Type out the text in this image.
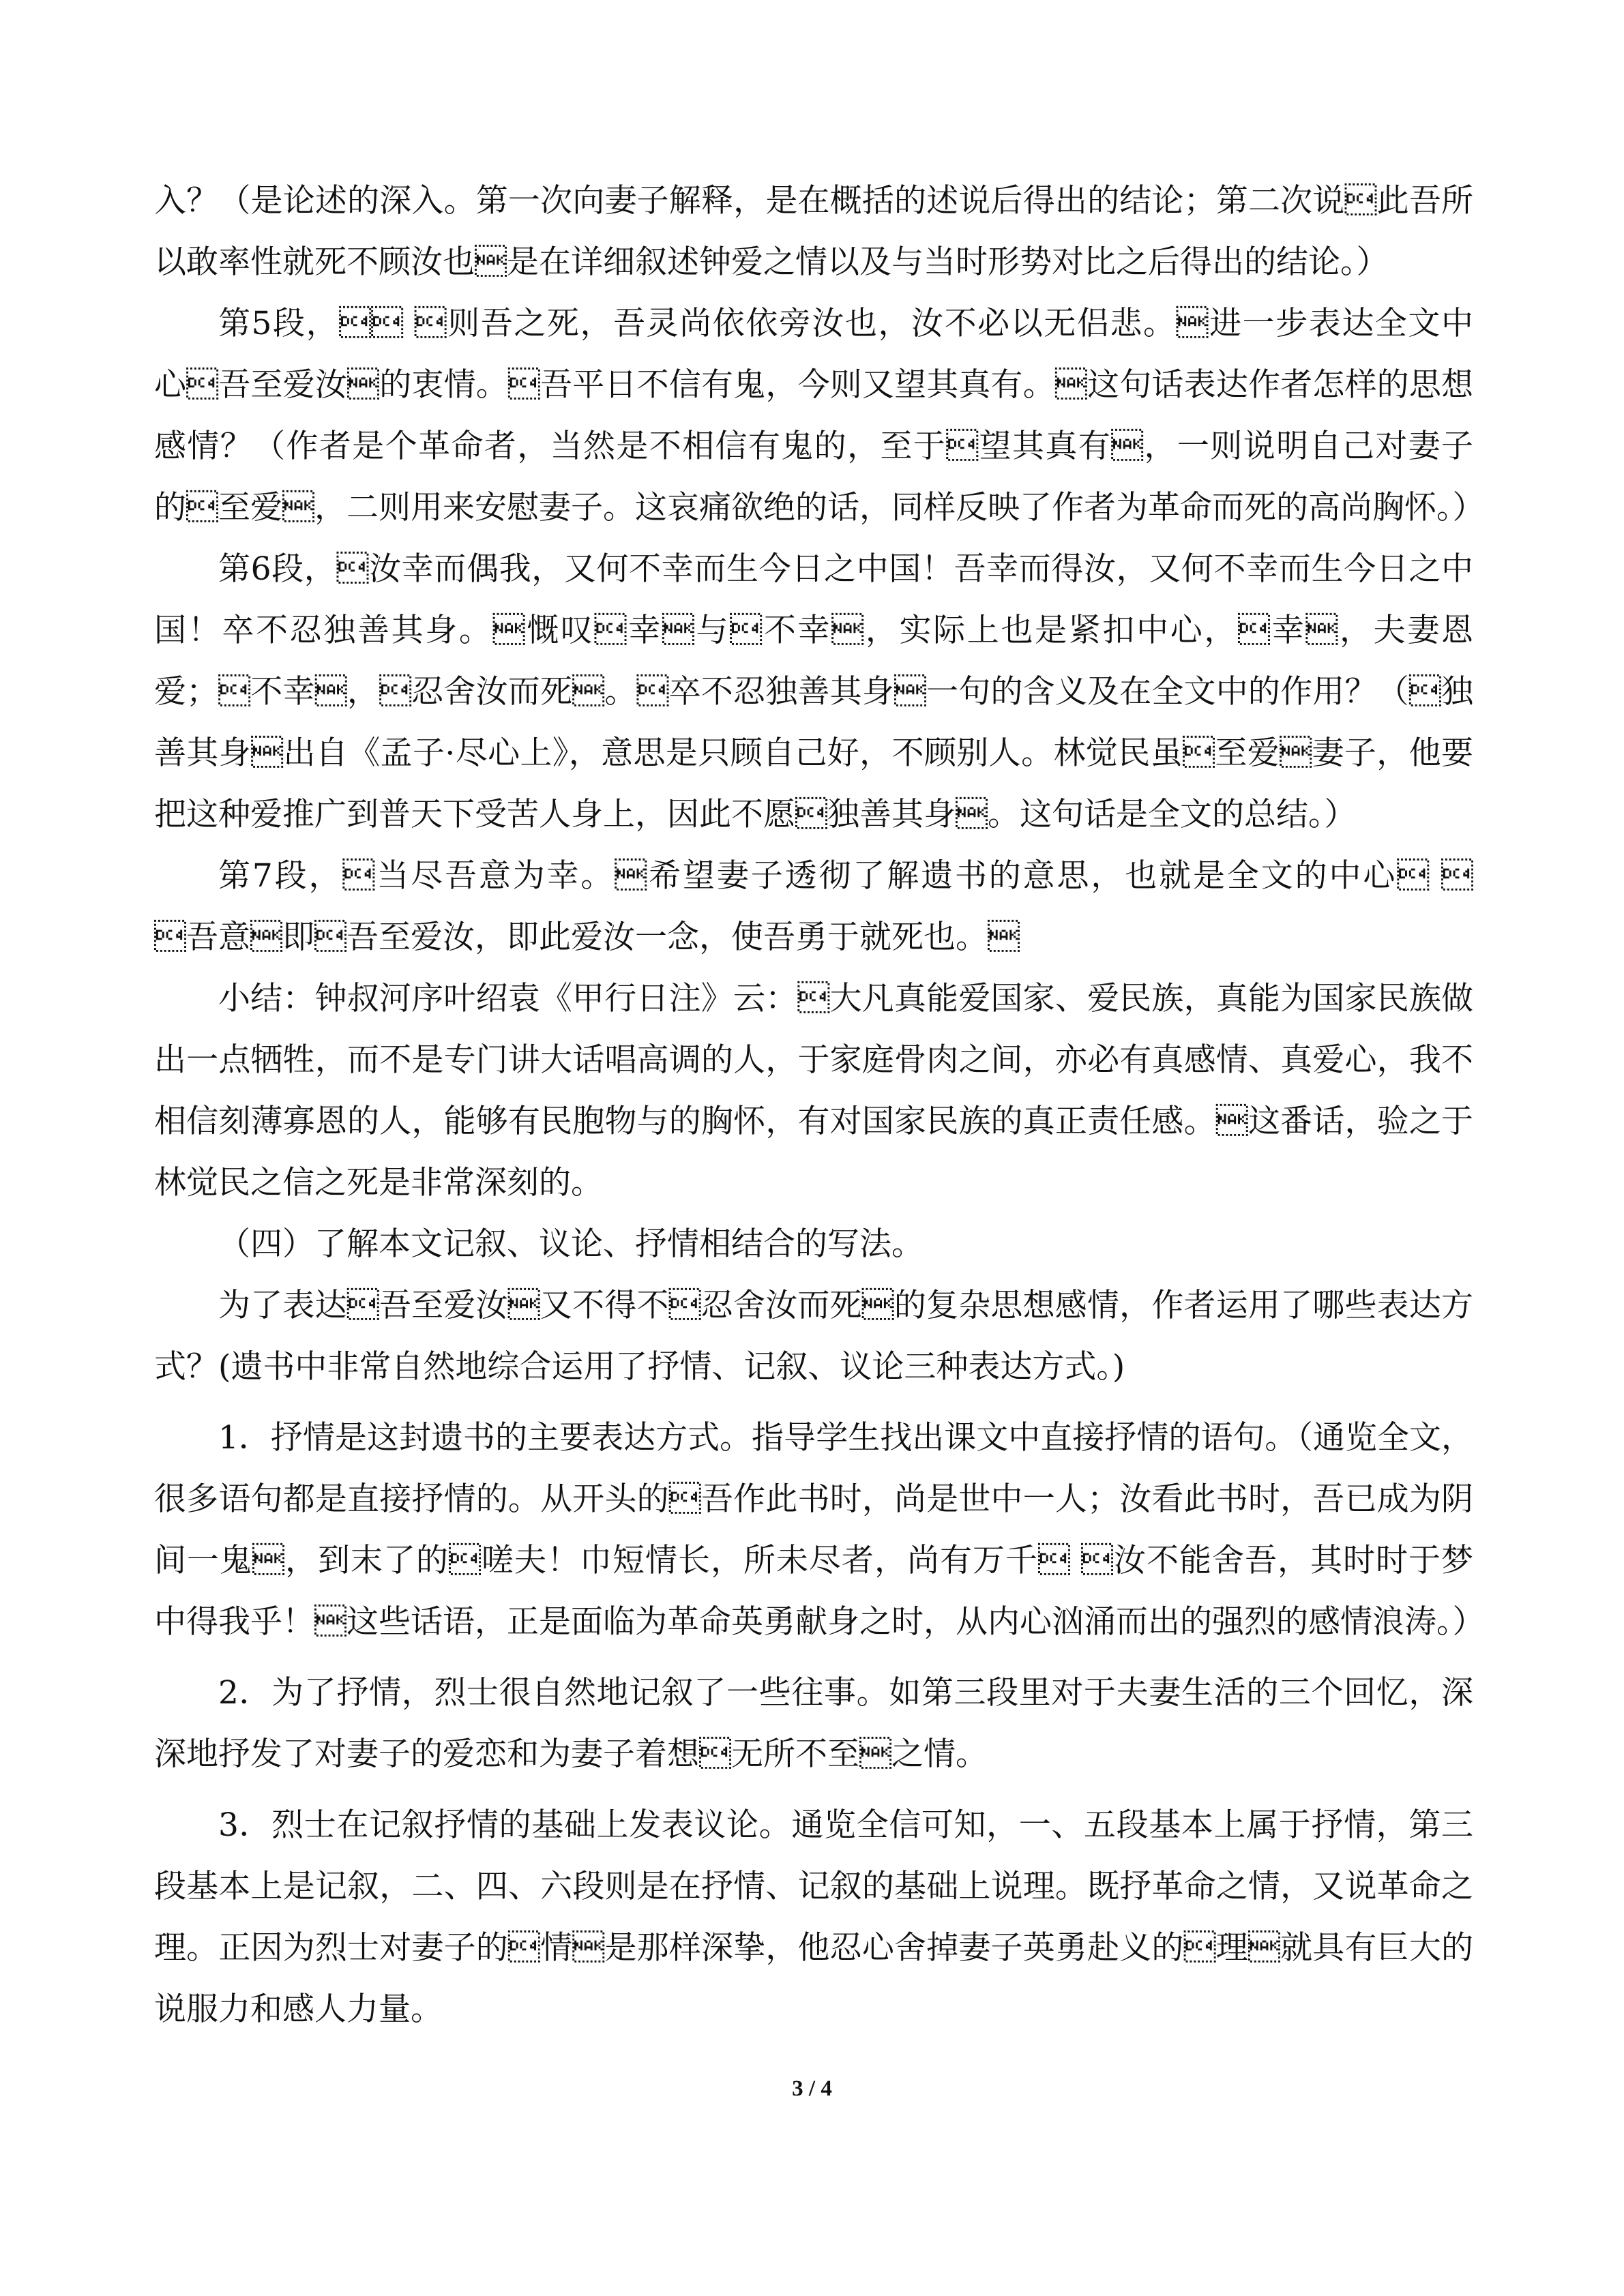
入？（是论述的深入。第一次向妻子解释，是在概括的述说后得出的结论；第二次说此吾所以敢率性就死不顾汝也是在详细叙述钟爱之情以及与当时形势对比之后得出的结论。）

第5段， 则吾之死，吾灵尚依依旁汝也，汝不必以无侣悲。进一步表达全文中心吾至爱汝的衷情。吾平日不信有鬼，今则又望其真有。这句话表达作者怎样的思想感情？（作者是个革命者，当然是不相信有鬼的，至于望其真有，一则说明自己对妻子的至爱，二则用来安慰妻子。这哀痛欲绝的话，同样反映了作者为革命而死的高尚胸怀。）

第6段，汝幸而偶我，又何不幸而生今日之中国！吾幸而得汝，又何不幸而生今日之中国！卒不忍独善其身。慨叹幸与不幸，实际上也是紧扣中心，幸，夫妻恩爱；不幸，忍舍汝而死。卒不忍独善其身一句的含义及在全文中的作用？（独善其身出自《孟子·尽心上》，意思是只顾自己好，不顾别人。林觉民虽至爱妻子，他要把这种爱推广到普天下受苦人身上，因此不愿独善其身。这句话是全文的总结。）

第7段，当尽吾意为幸。希望妻子透彻了解遗书的意思，也就是全文的中心  吾意即吾至爱汝，即此爱汝一念，使吾勇于就死也。

小结：钟叔河序叶绍袁《甲行日注》云：大凡真能爱国家、爱民族，真能为国家民族做出一点牺牲，而不是专门讲大话唱高调的人，于家庭骨肉之间，亦必有真感情、真爱心，我不相信刻薄寡恩的人，能够有民胞物与的胸怀，有对国家民族的真正责任感。这番话，验之于林觉民之信之死是非常深刻的。

（四）了解本文记叙、议论、抒情相结合的写法。

为了表达吾至爱汝又不得不忍舍汝而死的复杂思想感情，作者运用了哪些表达方式？(遗书中非常自然地综合运用了抒情、记叙、议论三种表达方式。)

1．抒情是这封遗书的主要表达方式。指导学生找出课文中直接抒情的语句。（通览全文，很多语句都是直接抒情的。从开头的吾作此书时，尚是世中一人；汝看此书时，吾已成为阴间一鬼，到末了的嗟夫！巾短情长，所未尽者，尚有万千 汝不能舍吾，其时时于梦中得我乎！这些话语，正是面临为革命英勇献身之时，从内心汹涌而出的强烈的感情浪涛。）

2．为了抒情，烈士很自然地记叙了一些往事。如第三段里对于夫妻生活的三个回忆，深深地抒发了对妻子的爱恋和为妻子着想无所不至之情。

3．烈士在记叙抒情的基础上发表议论。通览全信可知，一、五段基本上属于抒情，第三段基本上是记叙，二、四、六段则是在抒情、记叙的基础上说理。既抒革命之情，又说革命之理。正因为烈士对妻子的情是那样深挚，他忍心舍掉妻子英勇赴义的理就具有巨大的说服力和感人力量。

3 / 4
